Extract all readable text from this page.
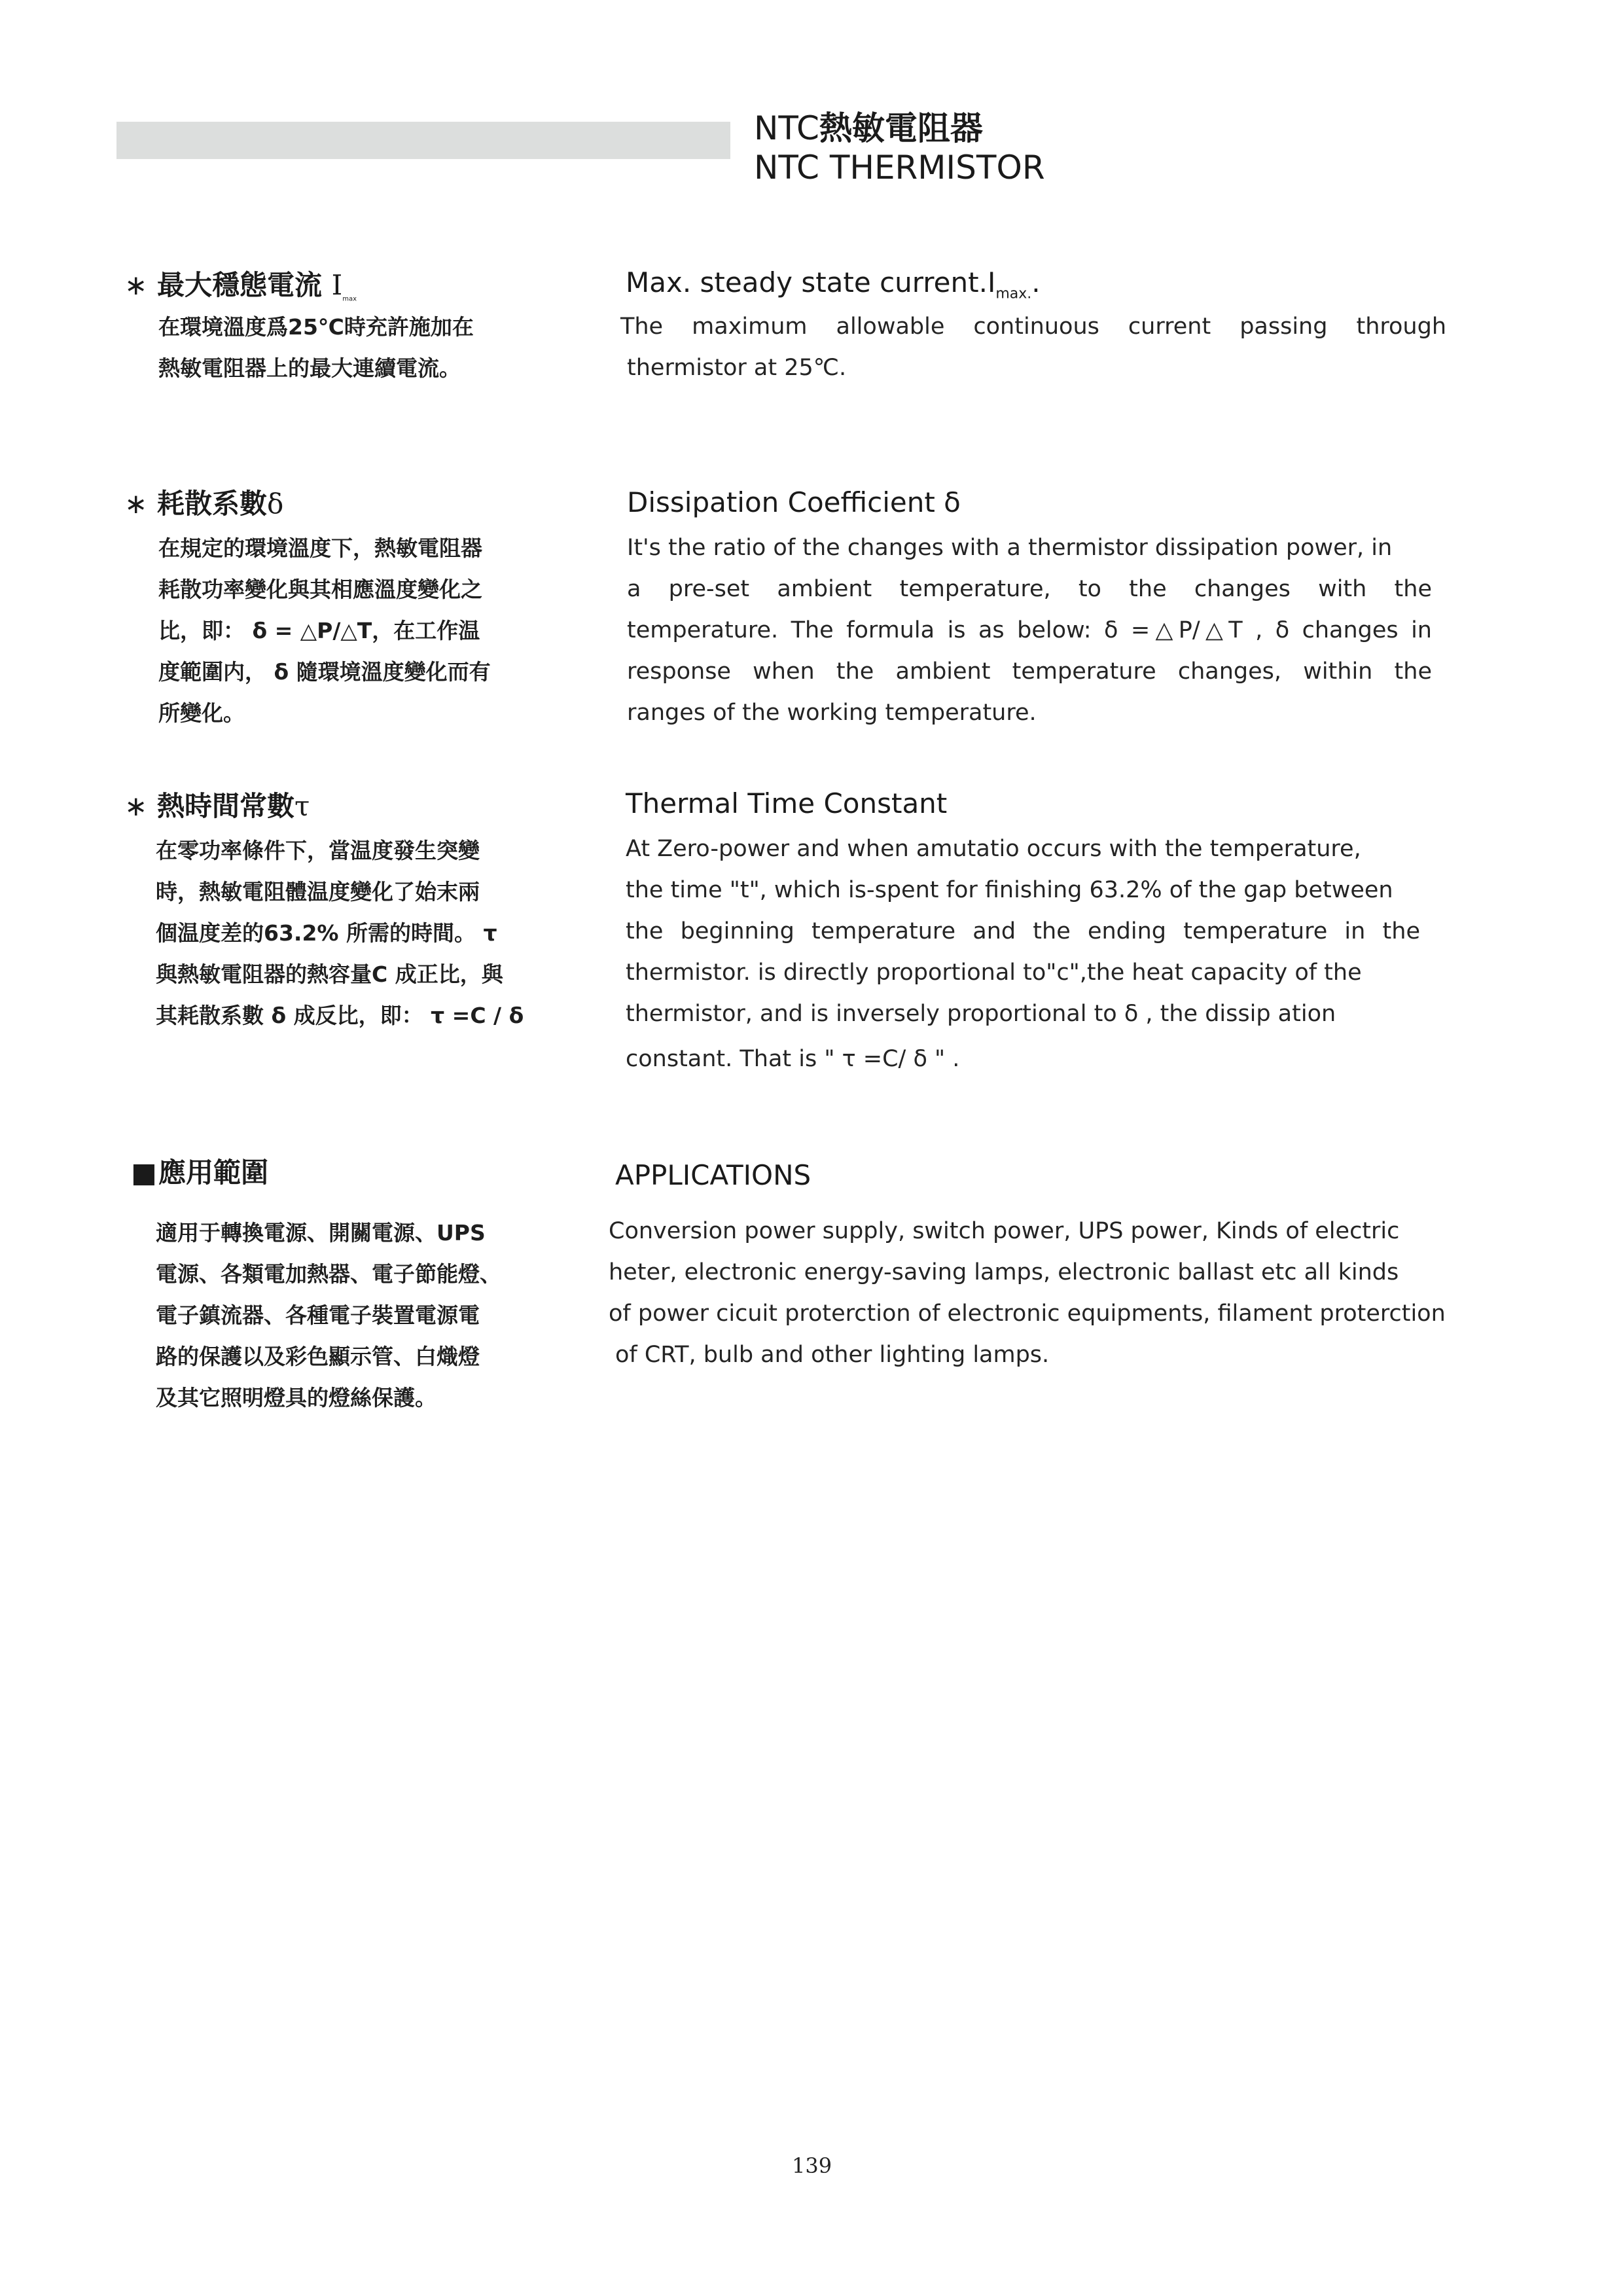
NTC熱敏電阻器
NTC THERMISTOR
∗ 最大穩態電流 $I_{max}$
在環境溫度爲25℃時充許施加在
熱敏電阻器上的最大連續電流。
Max. steady state $current.I_{max.}$.
The maximum allowable continuous current passing through
thermistor at 25℃.
∗ 耗散系數δ
在規定的環境溫度下，熱敏電阻器
耗散功率變化與其相應溫度變化之
比，即： δ = △P/△T，在工作温
度範圍内， δ 隨環境溫度變化而有
所變化。
Dissipation Coefficient δ
It's the ratio of the changes with a thermistor dissipation power, in
a pre-set ambient temperature, to the changes with the
temperature. The formula is as below: δ =△P/△T , δ changes in
response when the ambient temperature changes, within the
ranges of the working temperature.
∗ 熱時間常數τ
在零功率條件下，當温度發生突變
時，熱敏電阻體温度變化了始末兩
個温度差的63.2% 所需的時間。 τ
與熱敏電阻器的熱容量C 成正比，與
其耗散系數 δ 成反比，即： τ =C / δ
Thermal Time Constant
At Zero-power and when amutatio occurs with the temperature,
the time "t", which is-spent for finishing 63.2% of the gap between
the beginning temperature and the ending temperature in the
thermistor. is directly proportional to"c",the heat capacity of the
thermistor, and is inversely proportional to δ , the dissip ation
constant. That is " τ =C/ δ " .
■應用範圍
適用于轉換電源、開關電源、UPS
電源、各類電加熱器、電子節能燈、
電子鎮流器、各種電子裝置電源電
路的保護以及彩色顯示管、白熾燈
及其它照明燈具的燈絲保護。
APPLICATIONS
Conversion power supply, switch power, UPS power, Kinds of electric
heter, electronic energy-saving lamps, electronic ballast etc all kinds
of power cicuit proterction of electronic equipments, filament proterction
of CRT, bulb and other lighting lamps.
139
